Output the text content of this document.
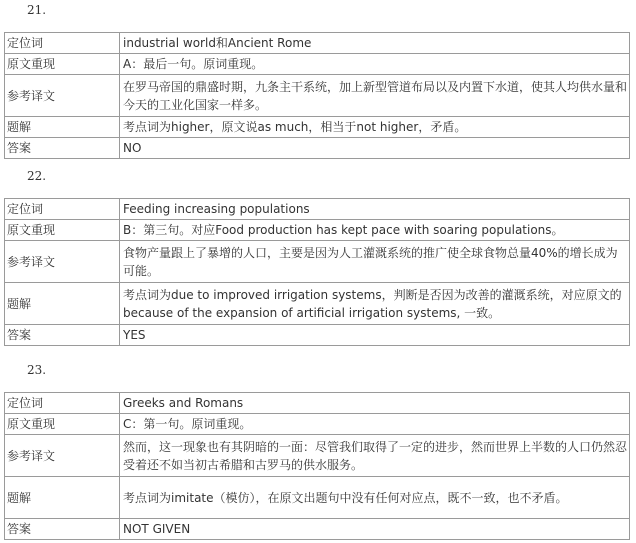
21.
定位词	industrial world和Ancient Rome
原文重现	A：最后一句。原词重现。
参考译文	在罗马帝国的鼎盛时期，九条主干系统，加上新型管道布局以及内置下水道，使其人均供水量和今天的工业化国家一样多。
题解	考点词为higher，原文说as much，相当于not higher，矛盾。
答案	NO
22.
定位词	Feeding increasing populations
原文重现	B：第三句。对应Food production has kept pace with soaring populations。
参考译文	食物产量跟上了暴增的人口，主要是因为人工灌溉系统的推广使全球食物总量40%的增长成为可能。
题解	考点词为due to improved irrigation systems，判断是否因为改善的灌溉系统，对应原文的because of the expansion of artificial irrigation systems, 一致。
答案	YES
23.
定位词	Greeks and Romans
原文重现	C：第一句。原词重现。
参考译文	然而，这一现象也有其阴暗的一面：尽管我们取得了一定的进步，然而世界上半数的人口仍然忍受着还不如当初古希腊和古罗马的供水服务。
题解	考点词为imitate（模仿），在原文出题句中没有任何对应点，既不一致，也不矛盾。
答案	NOT GIVEN
